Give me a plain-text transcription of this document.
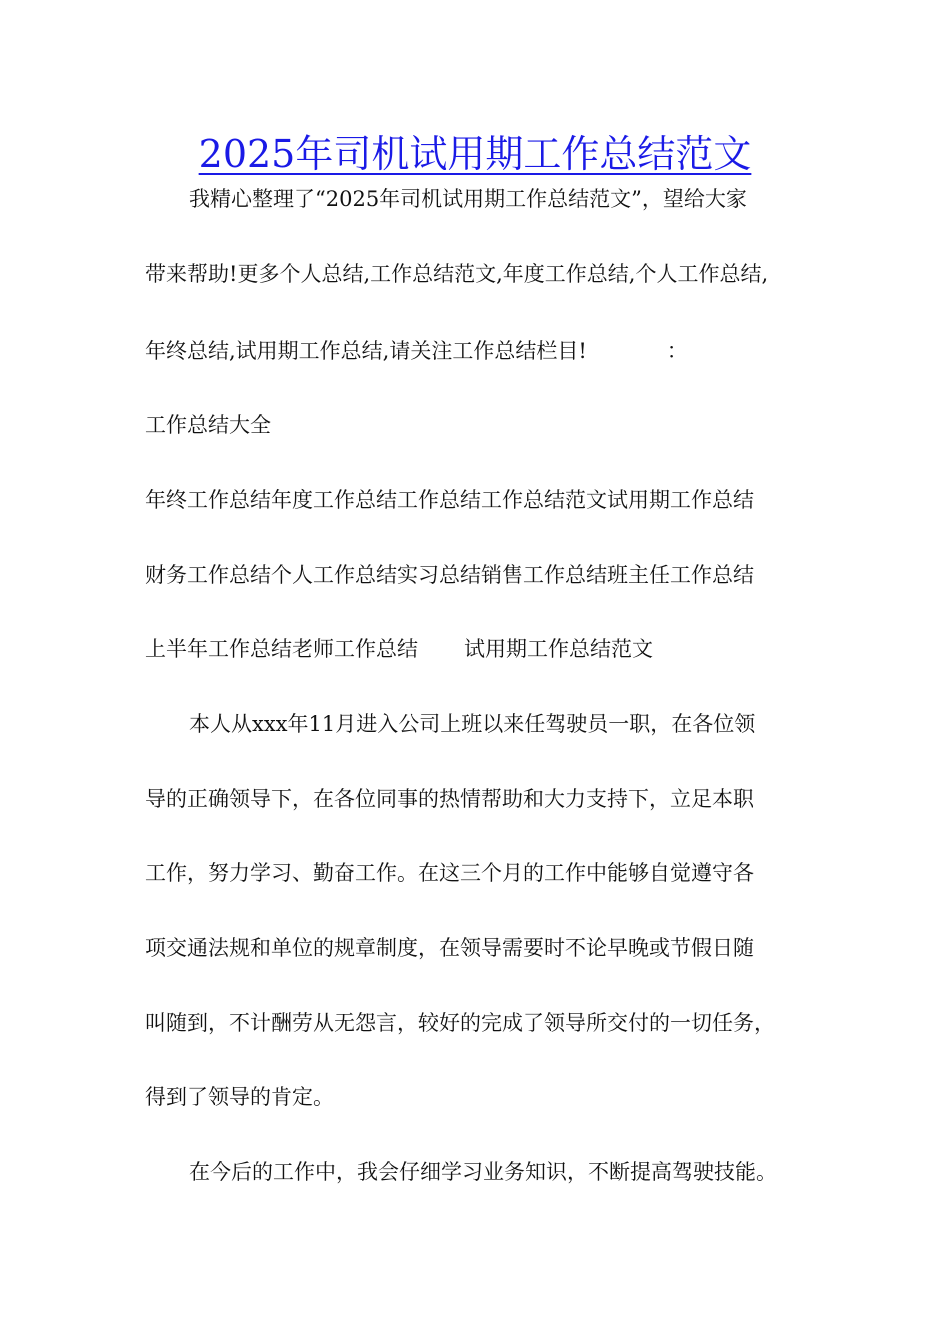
2025年司机试用期工作总结范文
我精心整理了“2025年司机试用期工作总结范文”，望给大家
带来帮助!更多个人总结,工作总结范文,年度工作总结,个人工作总结,
年终总结,试用期工作总结,请关注工作总结栏目!	：
工作总结大全
年终工作总结年度工作总结工作总结工作总结范文试用期工作总结
财务工作总结个人工作总结实习总结销售工作总结班主任工作总结
上半年工作总结老师工作总结 试用期工作总结范文
本人从xxx年11月进入公司上班以来任驾驶员一职，在各位领
导的正确领导下，在各位同事的热情帮助和大力支持下，立足本职
工作，努力学习、勤奋工作。在这三个月的工作中能够自觉遵守各
项交通法规和单位的规章制度，在领导需要时不论早晚或节假日随
叫随到，不计酬劳从无怨言，较好的完成了领导所交付的一切任务，
得到了领导的肯定。
在今后的工作中，我会仔细学习业务知识，不断提高驾驶技能。
